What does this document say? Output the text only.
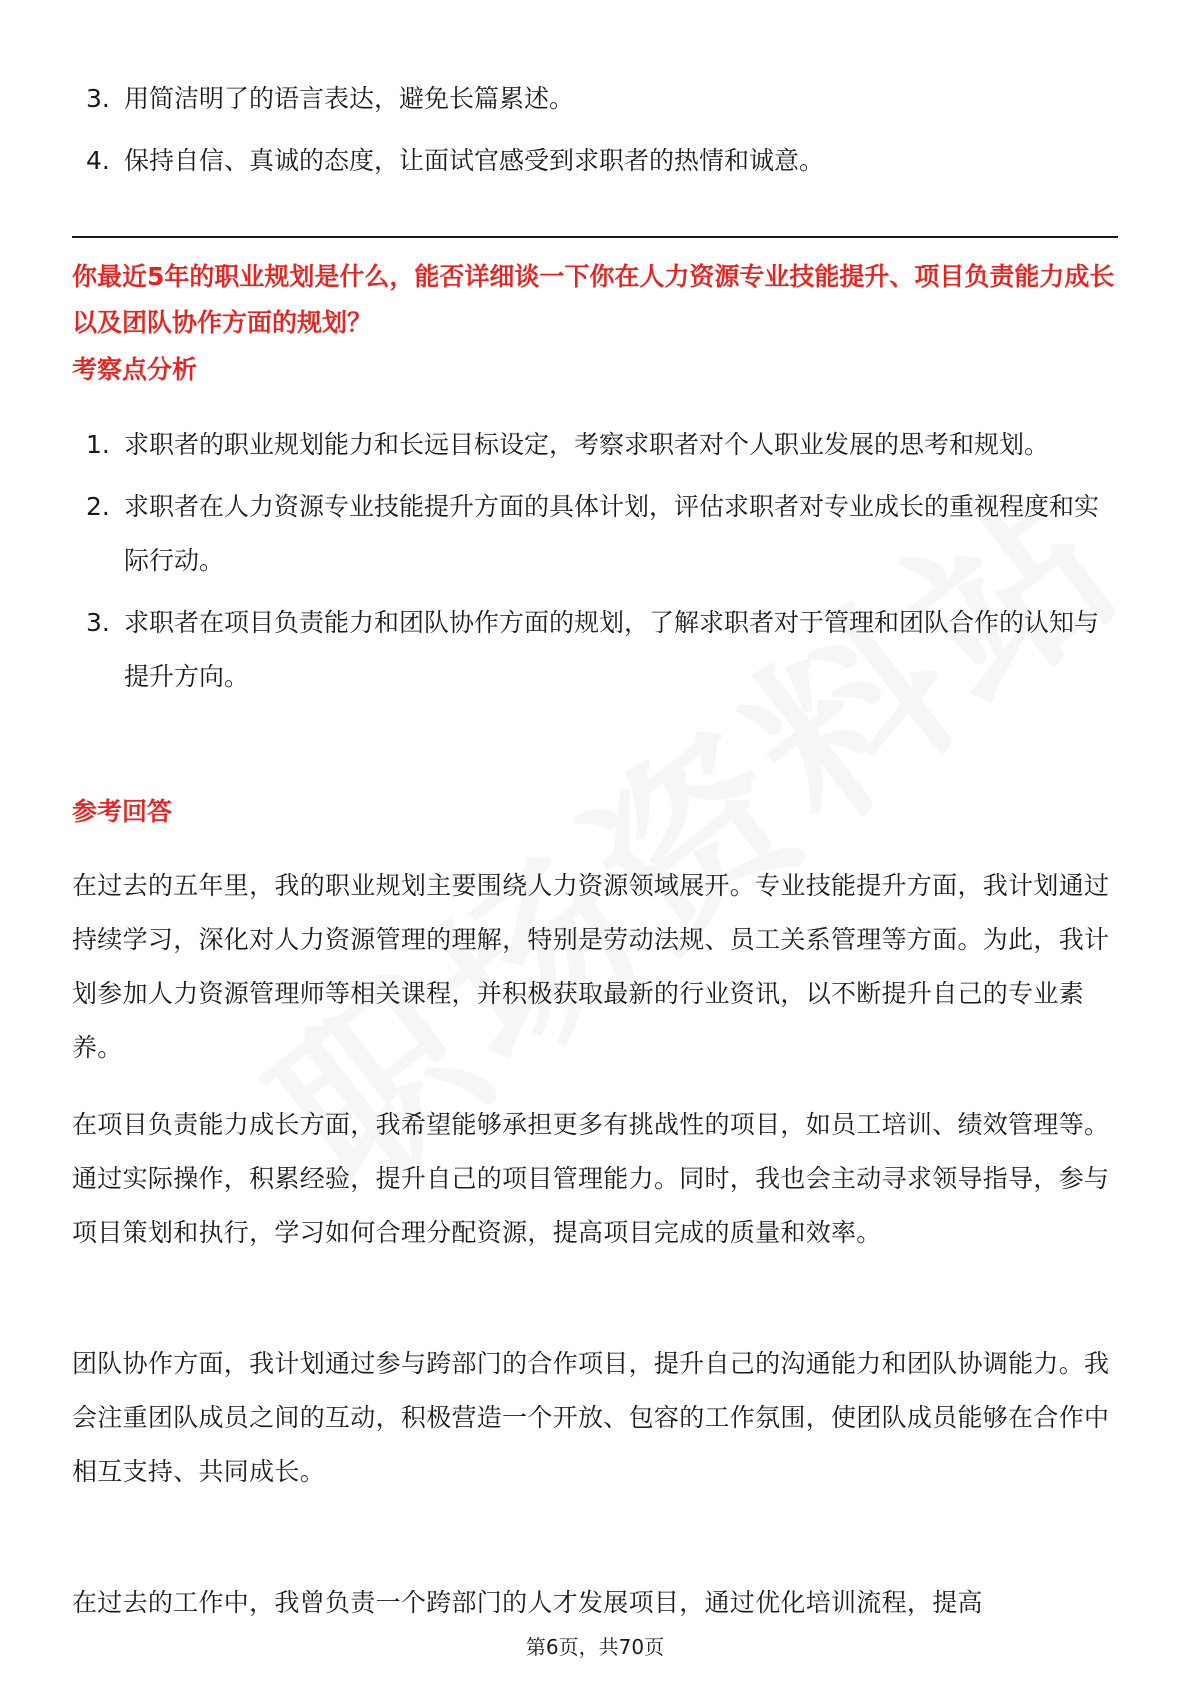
3. 用简洁明了的语言表达，避免长篇累述。
4. 保持自信、真诚的态度，让面试官感受到求职者的热情和诚意。
你最近5年的职业规划是什么，能否详细谈一下你在人力资源专业技能提升、项目负责能力成长以及团队协作方面的规划？
考察点分析
1. 求职者的职业规划能力和长远目标设定，考察求职者对个人职业发展的思考和规划。
2. 求职者在人力资源专业技能提升方面的具体计划，评估求职者对专业成长的重视程度和实际行动。
3. 求职者在项目负责能力和团队协作方面的规划，了解求职者对于管理和团队合作的认知与提升方向。
参考回答

在过去的五年里，我的职业规划主要围绕人力资源领域展开。专业技能提升方面，我计划通过持续学习，深化对人力资源管理的理解，特别是劳动法规、员工关系管理等方面。为此，我计划参加人力资源管理师等相关课程，并积极获取最新的行业资讯，以不断提升自己的专业素养。

在项目负责能力成长方面，我希望能够承担更多有挑战性的项目，如员工培训、绩效管理等。通过实际操作，积累经验，提升自己的项目管理能力。同时，我也会主动寻求领导指导，参与项目策划和执行，学习如何合理分配资源，提高项目完成的质量和效率。

团队协作方面，我计划通过参与跨部门的合作项目，提升自己的沟通能力和团队协调能力。我会注重团队成员之间的互动，积极营造一个开放、包容的工作氛围，使团队成员能够在合作中相互支持、共同成长。

在过去的工作中，我曾负责一个跨部门的人才发展项目，通过优化培训流程，提高

第6页，共70页
